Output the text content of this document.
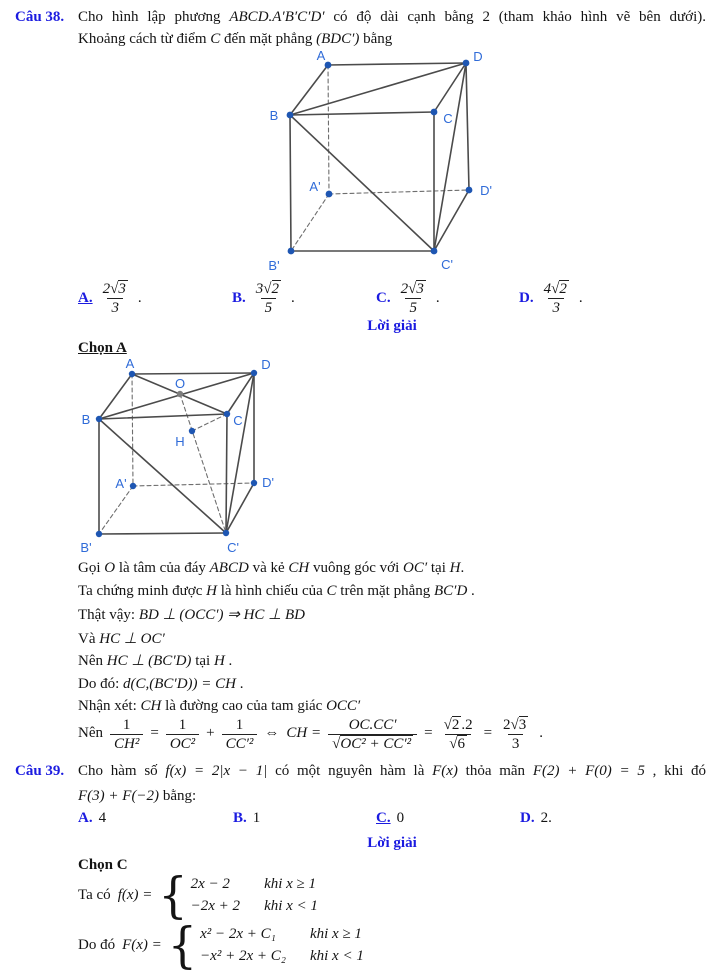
Câu 38. Cho hình lập phương ABCD.A′B′C′D′ có độ dài cạnh bằng 2 (tham khảo hình vẽ bên dưới).
Khoảng cách từ điểm C đến mặt phẳng (BDC′) bằng
A	D
B	C
A'	D'
B'	C'
A. $\frac{2√3}{3}$ .	B. $\frac{3√2}{5}$ .	C. $\frac{2√3}{5}$ .	D. $\frac{4√2}{3}$ .
Lời giải
Chọn A
A	D
O
B	C
H
A'	D'
B'	C'
Gọi O là tâm của đáy ABCD và kẻ CH vuông góc với OC′ tại H.
Ta chứng minh được H là hình chiếu của C trên mặt phẳng BC′D .
Thật vậy: BD ⊥ (OCC′) ⇒ HC ⊥ BD
Và HC ⊥ OC′
Nên HC ⊥ (BC′D) tại H .
Do đó: d(C,(BC′D)) = CH .
Nhận xét: CH là đường cao của tam giác OCC′
Nên $\frac{1}{\text{CH²}} = \frac{1}{\text{OC²}} + \frac{1}{\text{CC′²}}$ ⇔ CH = $\frac{OC.CC'}{\text{√OC² + CC′²}} = \frac{√2 .2}{√6} = \frac{2√3}{3}$ .
Câu 39. Cho hàm số f(x) = 2|x − 1| có một nguyên hàm là F(x) thỏa mãn F(2) + F(0) = 5 , khi đó
F(3) + F(−2) bằng:
A. 4	B. 1	C. 0	D. 2.
Lời giải
Chọn C
Ta có f(x) = { 2x − 2	khi x ≥ 1
−2x + 2 khi x < 1
Do đó F(x) = { x² − 2x + C₁	khi x ≥ 1
−x² + 2x + C₂ khi x < 1
